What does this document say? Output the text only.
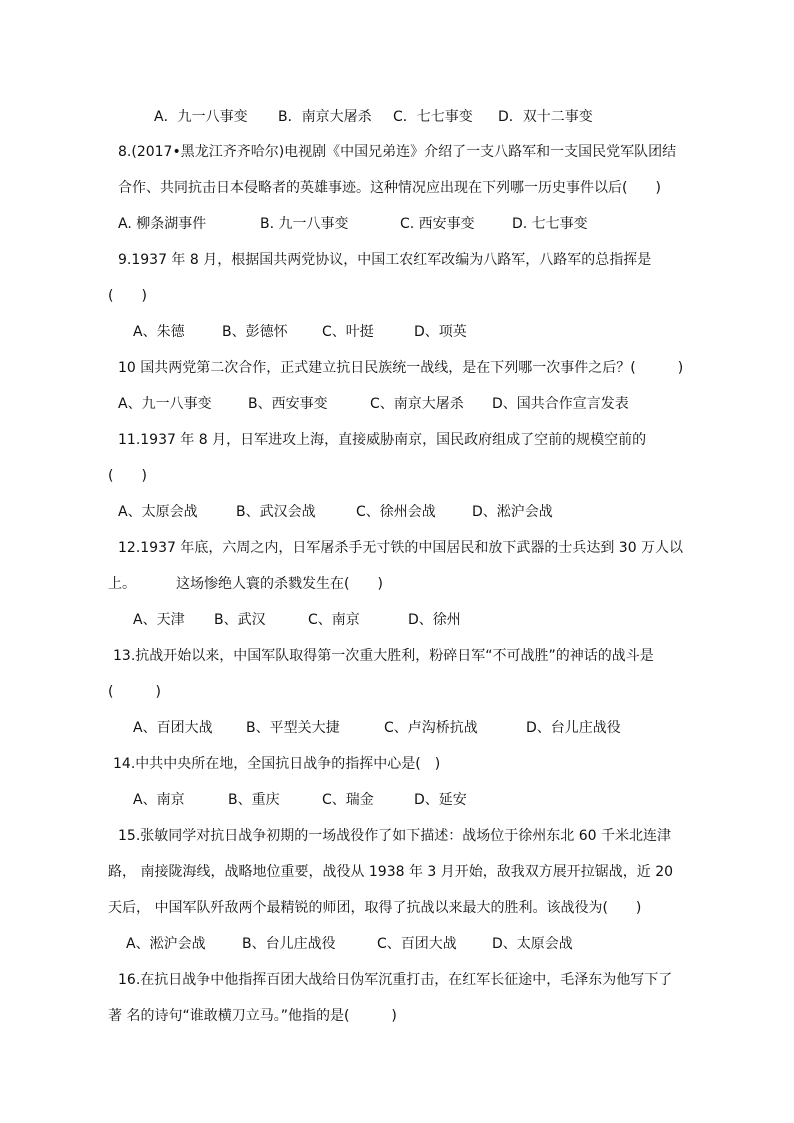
A．九一八事变 B．南京大屠杀 C．七七事变 D．双十二事变
8.(2017•黑龙江齐齐哈尔)电视剧《中国兄弟连》介绍了一支八路军和一支国民党军队团结
合作、共同抗击日本侵略者的英雄事迹。这种情况应出现在下列哪一历史事件以后(　　)
A. 柳条湖事件	B. 九一八事变	C. 西安事变	D. 七七事变
9.1937 年 8 月，根据国共两党协议，中国工农红军改编为八路军，八路军的总指挥是
(　　)
A、朱德	B、彭德怀 C、叶挺	D、项英
10 国共两党第二次合作，正式建立抗日民族统一战线，是在下列哪一次事件之后？(　　　)
A、九一八事变	B、西安事变	C、南京大屠杀 D、国共合作宣言发表
11.1937 年 8 月，日军进攻上海，直接威胁南京，国民政府组成了空前的规模空前的
(　　)
A、太原会战	B、武汉会战	C、徐州会战	D、淞沪会战
12.1937 年底，六周之内，日军屠杀手无寸铁的中国居民和放下武器的士兵达到 30 万人以
上。	这场惨绝人寰的杀戮发生在(　　)
A、天津 B、武汉	C、南京	D、徐州
13.抗战开始以来，中国军队取得第一次重大胜利，粉碎日军“不可战胜”的神话的战斗是
(　　　)
A、百团大战 B、平型关大捷	C、卢沟桥抗战	D、台儿庄战役
14.中共中央所在地，全国抗日战争的指挥中心是(　)
A、南京	B、重庆	C、瑞金	D、延安
15.张敏同学对抗日战争初期的一场战役作了如下描述：战场位于徐州东北 60 千米北连津
路， 南接陇海线，战略地位重要，战役从 1938 年 3 月开始，敌我双方展开拉锯战，近 20
天后， 中国军队歼敌两个最精锐的师团，取得了抗战以来最大的胜利。该战役为(　　)
A、淞沪会战	B、台儿庄战役	C、百团大战	D、太原会战
16.在抗日战争中他指挥百团大战给日伪军沉重打击，在红军长征途中，毛泽东为他写下了
著 名的诗句“谁敢横刀立马。”他指的是(　　　)
